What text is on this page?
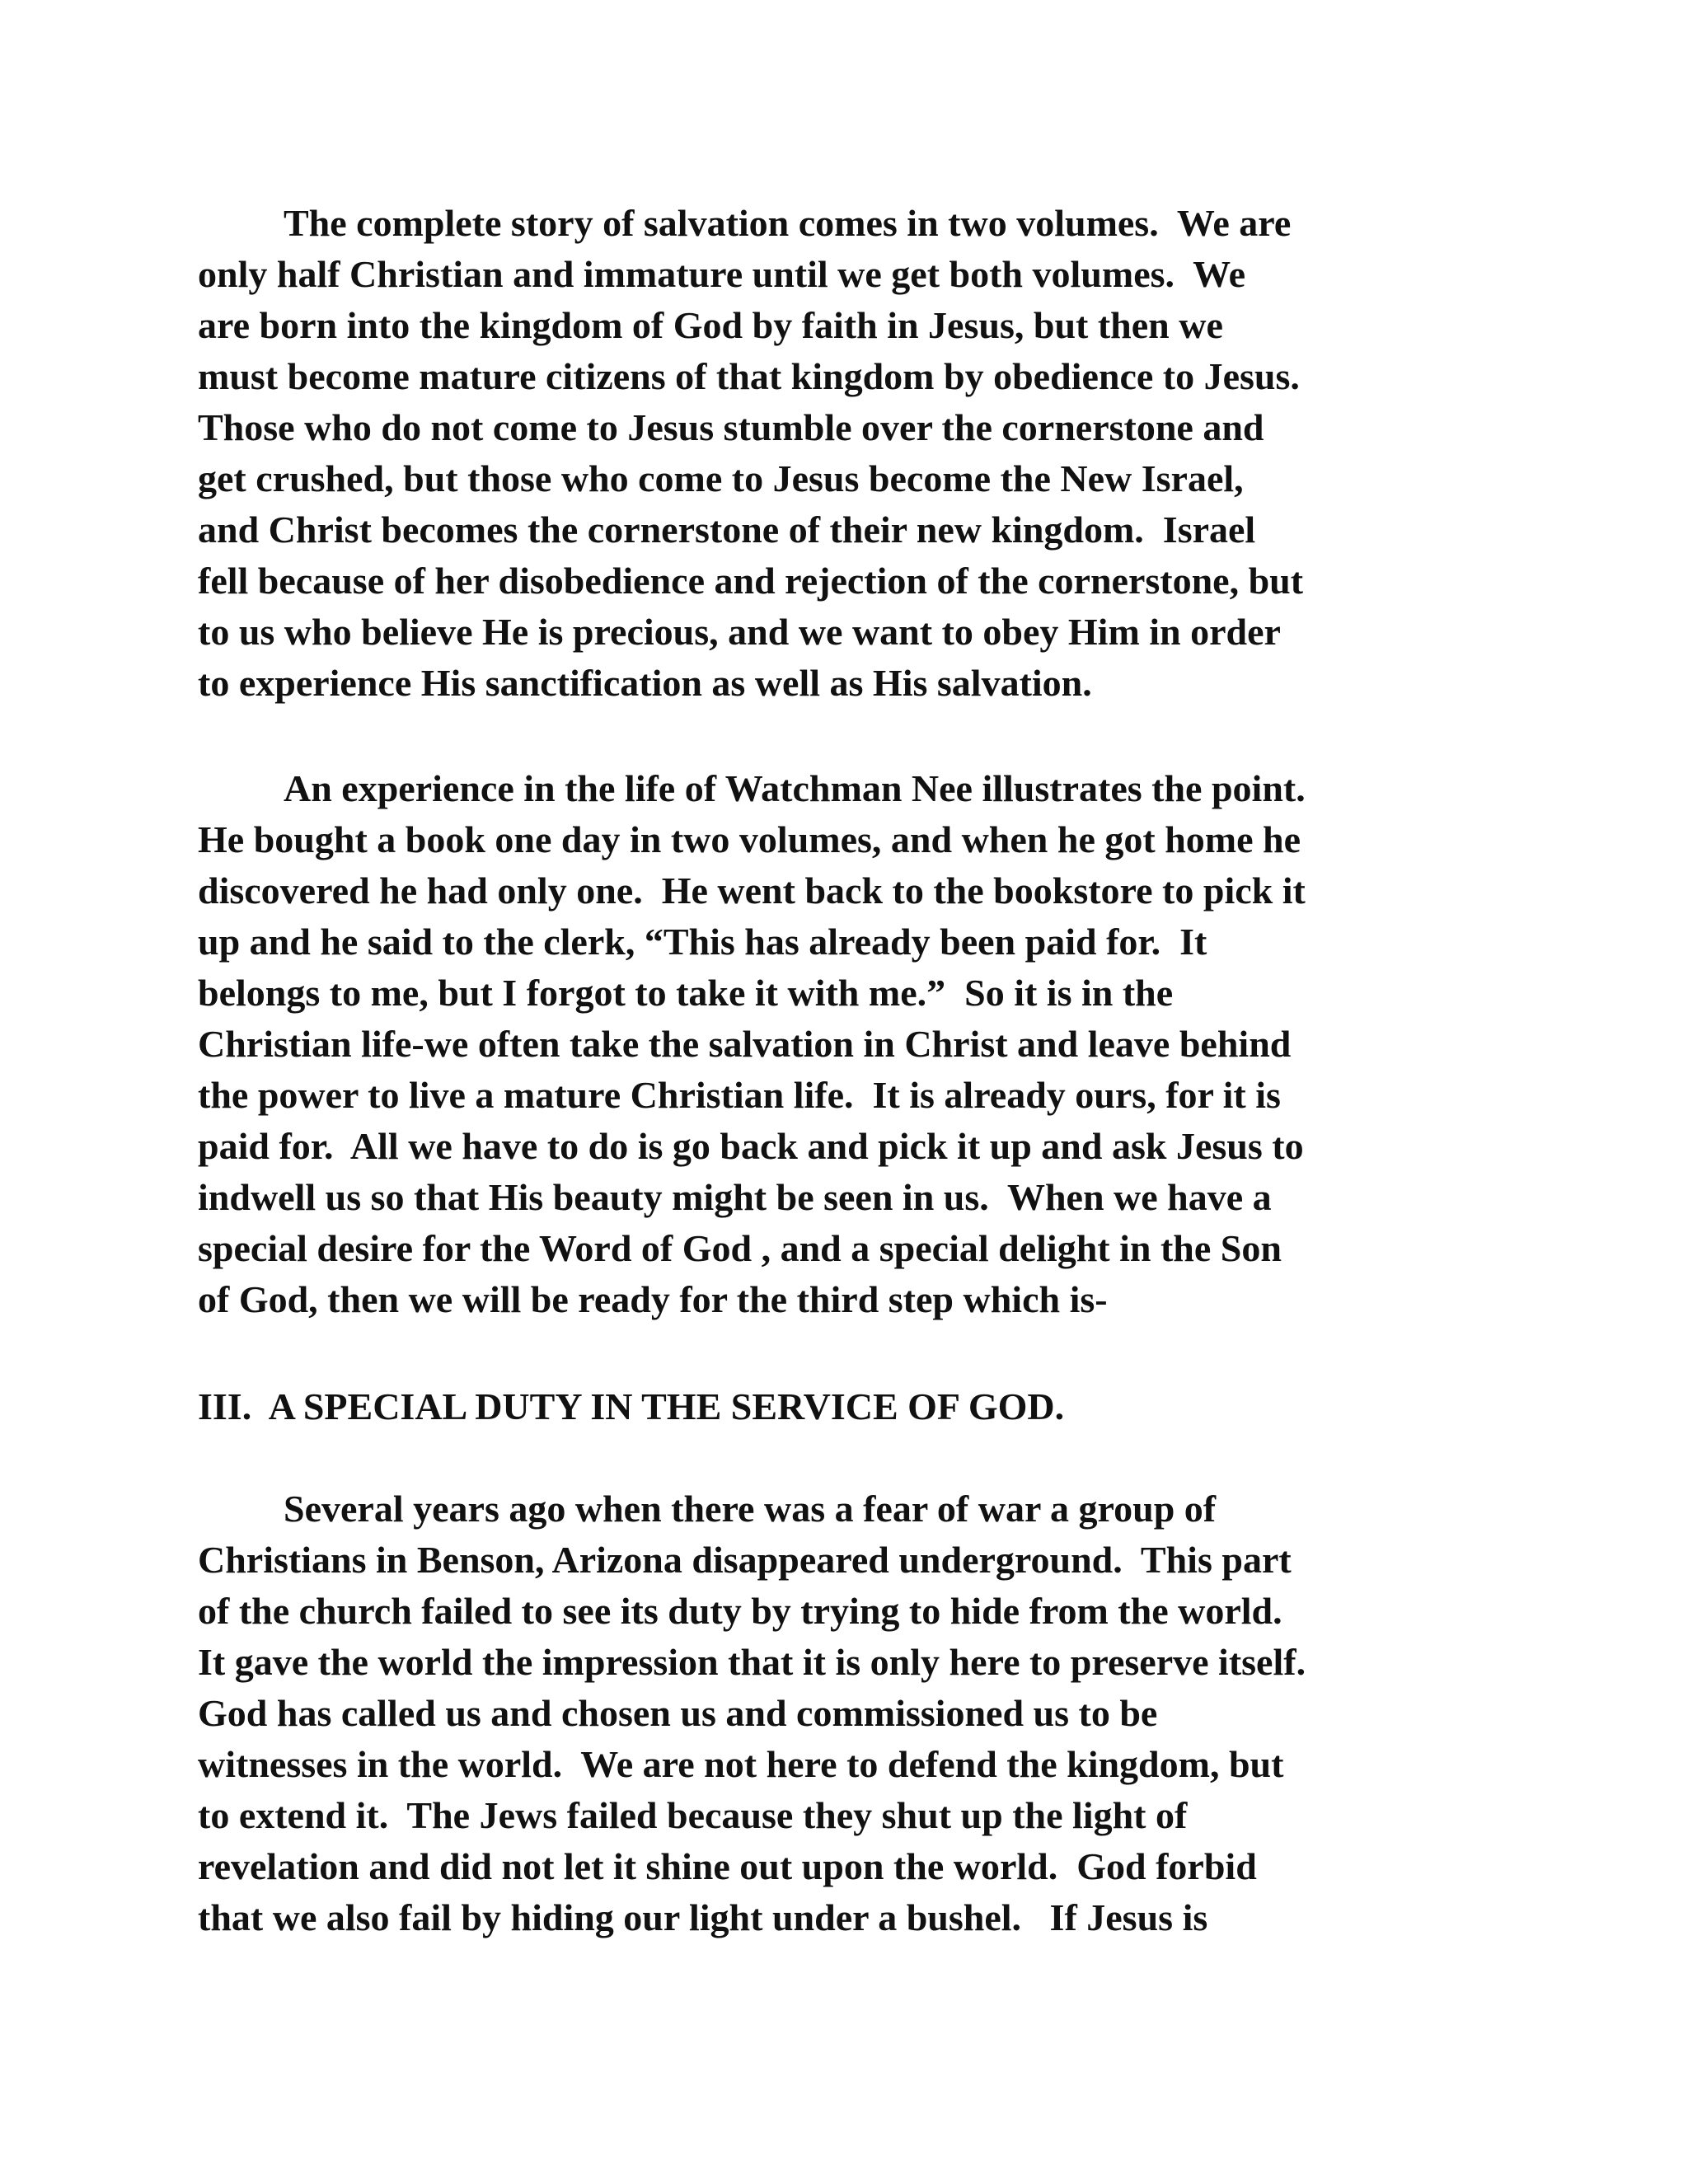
The complete story of salvation comes in two volumes.  We are
only half Christian and immature until we get both volumes.  We
are born into the kingdom of God by faith in Jesus, but then we
must become mature citizens of that kingdom by obedience to Jesus.
Those who do not come to Jesus stumble over the cornerstone and
get crushed, but those who come to Jesus become the New Israel,
and Christ becomes the cornerstone of their new kingdom.  Israel
fell because of her disobedience and rejection of the cornerstone, but
to us who believe He is precious, and we want to obey Him in order
to experience His sanctification as well as His salvation.
An experience in the life of Watchman Nee illustrates the point.
He bought a book one day in two volumes, and when he got home he
discovered he had only one.  He went back to the bookstore to pick it
up and he said to the clerk, “This has already been paid for.  It
belongs to me, but I forgot to take it with me.”  So it is in the
Christian life-we often take the salvation in Christ and leave behind
the power to live a mature Christian life.  It is already ours, for it is
paid for.  All we have to do is go back and pick it up and ask Jesus to
indwell us so that His beauty might be seen in us.  When we have a
special desire for the Word of God , and a special delight in the Son
of God, then we will be ready for the third step which is-
III.  A SPECIAL DUTY IN THE SERVICE OF GOD.
Several years ago when there was a fear of war a group of
Christians in Benson, Arizona disappeared underground.  This part
of the church failed to see its duty by trying to hide from the world.
It gave the world the impression that it is only here to preserve itself.
God has called us and chosen us and commissioned us to be
witnesses in the world.  We are not here to defend the kingdom, but
to extend it.  The Jews failed because they shut up the light of
revelation and did not let it shine out upon the world.  God forbid
that we also fail by hiding our light under a bushel.   If Jesus is
